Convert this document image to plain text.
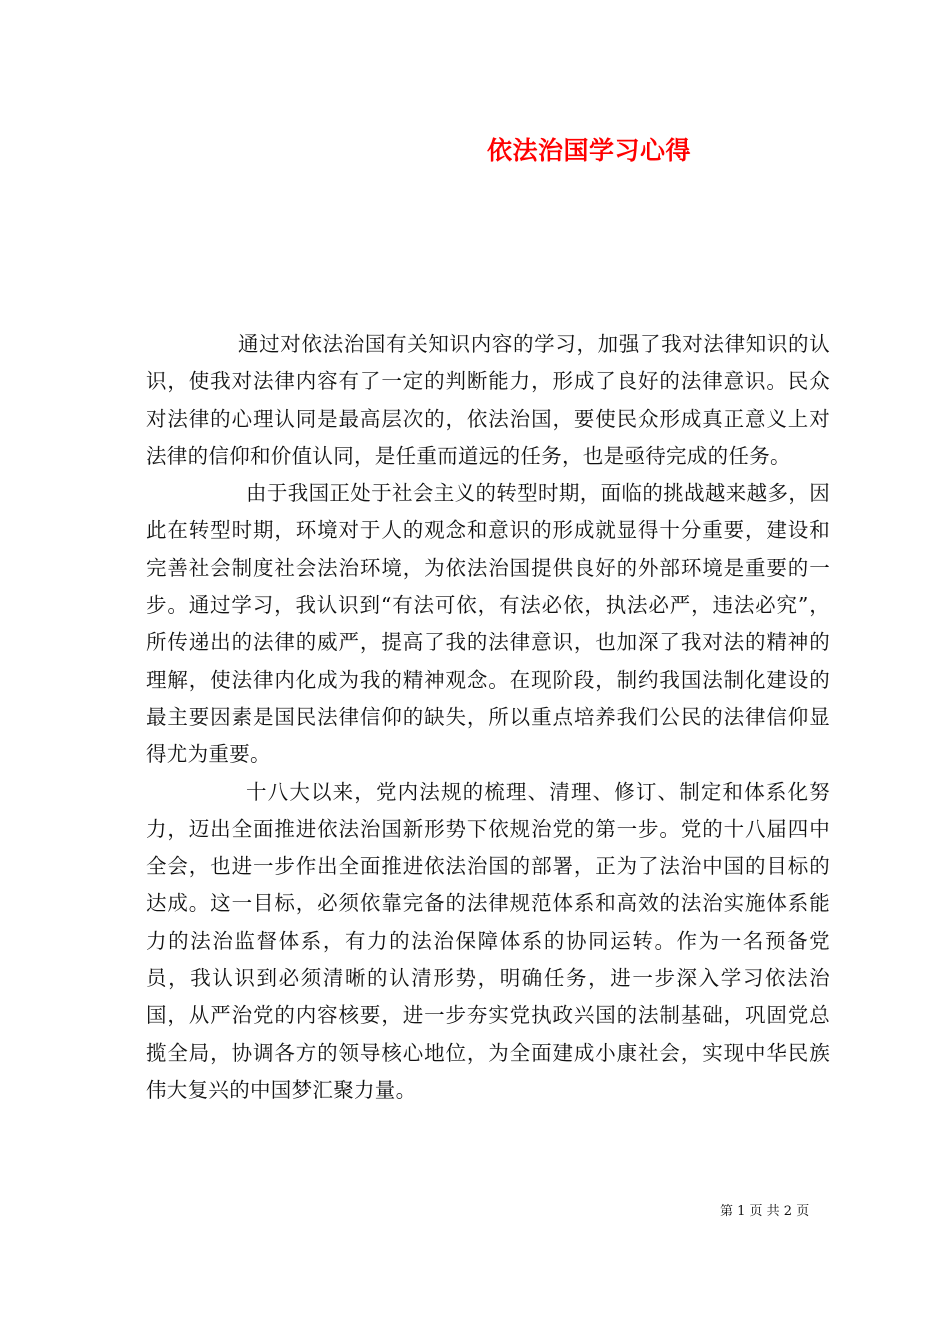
依法治国学习心得

通过对依法治国有关知识内容的学习，加强了我对法律知识的认识，使我对法律内容有了一定的判断能力，形成了良好的法律意识。民众对法律的心理认同是最高层次的，依法治国，要使民众形成真正意义上对法律的信仰和价值认同，是任重而道远的任务，也是亟待完成的任务。

由于我国正处于社会主义的转型时期，面临的挑战越来越多，因此在转型时期，环境对于人的观念和意识的形成就显得十分重要，建设和完善社会制度社会法治环境，为依法治国提供良好的外部环境是重要的一步。通过学习，我认识到“有法可依，有法必依，执法必严，违法必究”，所传递出的法律的威严，提高了我的法律意识，也加深了我对法的精神的理解，使法律内化成为我的精神观念。在现阶段，制约我国法制化建设的最主要因素是国民法律信仰的缺失，所以重点培养我们公民的法律信仰显得尤为重要。

十八大以来，党内法规的梳理、清理、修订、制定和体系化努力，迈出全面推进依法治国新形势下依规治党的第一步。党的十八届四中全会，也进一步作出全面推进依法治国的部署，正为了法治中国的目标的达成。这一目标，必须依靠完备的法律规范体系和高效的法治实施体系能力的法治监督体系，有力的法治保障体系的协同运转。作为一名预备党员，我认识到必须清晰的认清形势，明确任务，进一步深入学习依法治国，从严治党的内容核要，进一步夯实党执政兴国的法制基础，巩固党总揽全局，协调各方的领导核心地位，为全面建成小康社会，实现中华民族伟大复兴的中国梦汇聚力量。

第 1 页 共 2 页
